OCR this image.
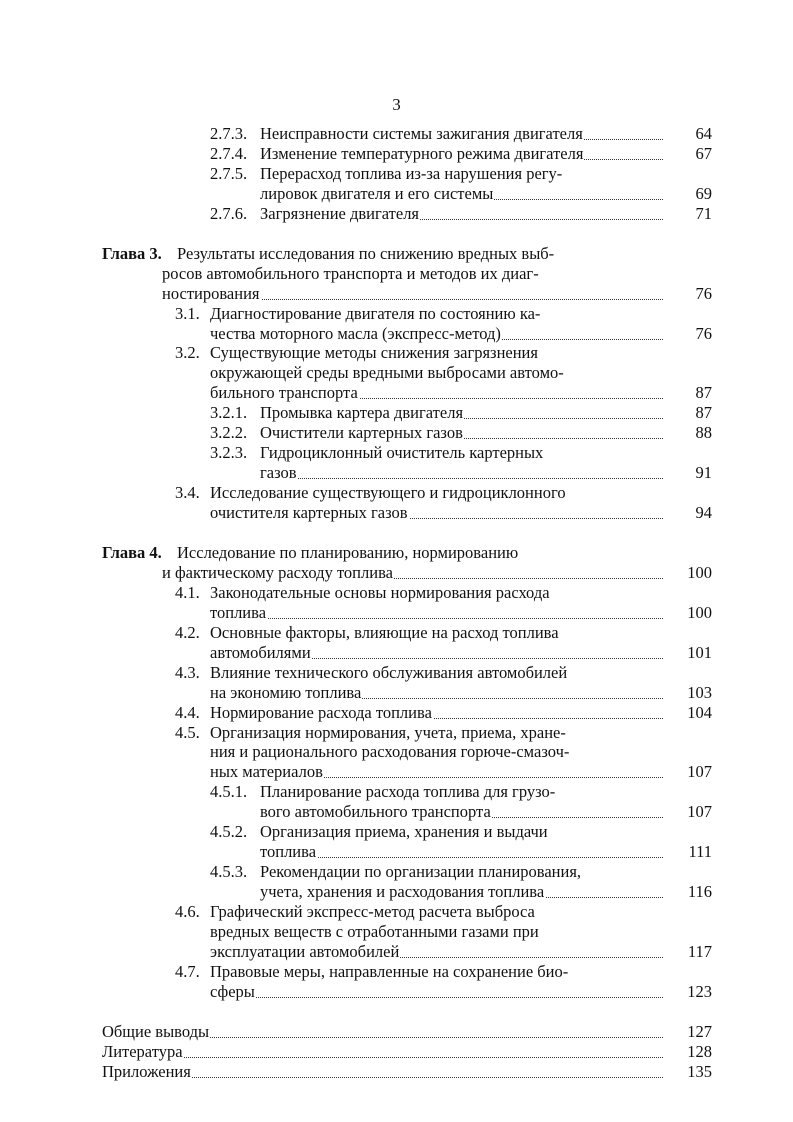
3
2.7.3. Неисправности системы зажигания двигателя	64
2.7.4. Изменение температурного режима двигателя	67
2.7.5. Перерасход топлива из-за нарушения регу-
лировок двигателя и его системы	69
2.7.6. Загрязнение двигателя	71
Глава 3. Результаты исследования по снижению вредных выб-
росов автомобильного транспорта и методов их диаг-
ностирования	76
3.1. Диагностирование двигателя по состоянию ка-
чества моторного масла (экспресс-метод)	76
3.2. Существующие методы снижения загрязнения
окружающей среды вредными выбросами автомо-
бильного транспорта	87
3.2.1. Промывка картера двигателя	87
3.2.2. Очистители картерных газов	88
3.2.3. Гидроциклонный очиститель картерных
газов	91
3.4. Исследование существующего и гидроциклонного
очистителя картерных газов	94
Глава 4. Исследование по планированию, нормированию
и фактическому расходу топлива	100
4.1. Законодательные основы нормирования расхода
топлива	100
4.2. Основные факторы, влияющие на расход топлива
автомобилями	101
4.3. Влияние технического обслуживания автомобилей
на экономию топлива	103
4.4. Нормирование расхода топлива	104
4.5. Организация нормирования, учета, приема, хране-
ния и рационального расходования горюче-смазоч-
ных материалов	107
4.5.1. Планирование расхода топлива для грузо-
вого автомобильного транспорта	107
4.5.2. Организация приема, хранения и выдачи
топлива	111
4.5.3. Рекомендации по организации планирования,
учета, хранения и расходования топлива	116
4.6. Графический экспресс-метод расчета выброса
вредных веществ с отработанными газами при
эксплуатации автомобилей	117
4.7. Правовые меры, направленные на сохранение био-
сферы	123
Общие выводы	127
Литература	128
Приложения	135
